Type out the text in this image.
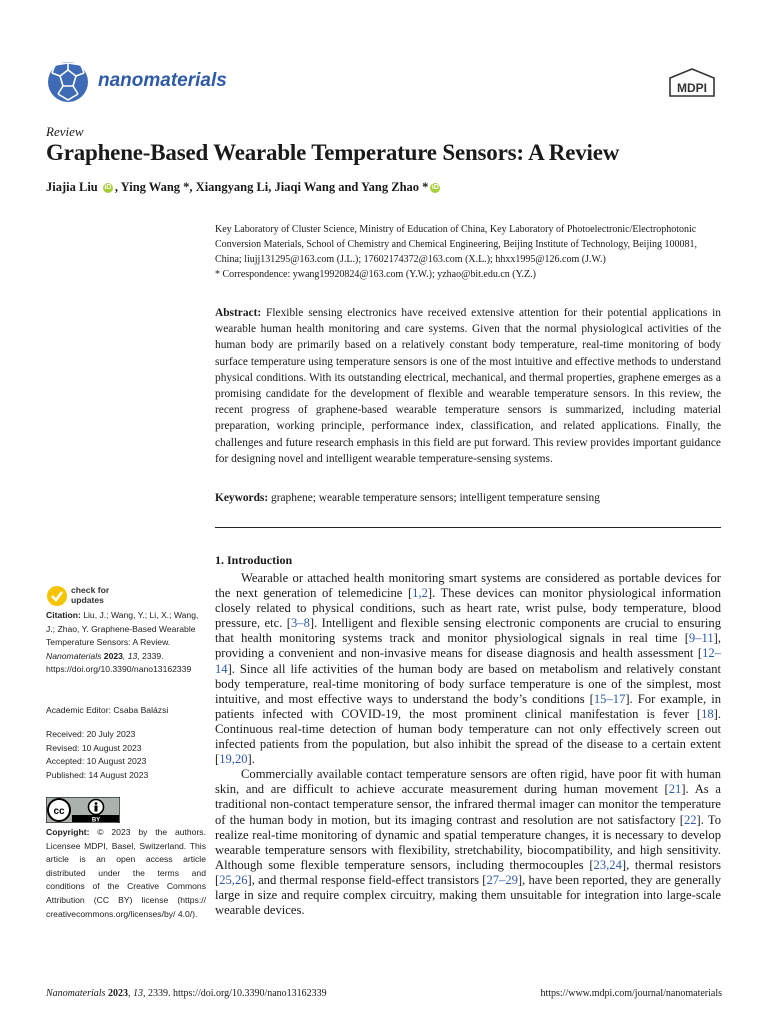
nanomaterials	MDPI
Review
Graphene-Based Wearable Temperature Sensors: A Review
Jiajia Liu iD , Ying Wang *, Xiangyang Li, Jiaqi Wang and Yang Zhao * iD
Key Laboratory of Cluster Science, Ministry of Education of China, Key Laboratory of Photoelectronic/Electrophotonic Conversion Materials, School of Chemistry and Chemical Engineering, Beijing Institute of Technology, Beijing 100081, China; liujj131295@163.com (J.L.); 17602174372@163.com (X.L.); hhxx1995@126.com (J.W.)
* Correspondence: ywang19920824@163.com (Y.W.); yzhao@bit.edu.cn (Y.Z.)
Abstract: Flexible sensing electronics have received extensive attention for their potential applications in wearable human health monitoring and care systems. Given that the normal physiological activities of the human body are primarily based on a relatively constant body temperature, real-time monitoring of body surface temperature using temperature sensors is one of the most intuitive and effective methods to understand physical conditions. With its outstanding electrical, mechanical, and thermal properties, graphene emerges as a promising candidate for the development of flexible and wearable temperature sensors. In this review, the recent progress of graphene-based wearable temperature sensors is summarized, including material preparation, working principle, performance index, classification, and related applications. Finally, the challenges and future research emphasis in this field are put forward. This review provides important guidance for designing novel and intelligent wearable temperature-sensing systems.
Keywords: graphene; wearable temperature sensors; intelligent temperature sensing
1. Introduction

Wearable or attached health monitoring smart systems are considered as portable devices for the next generation of telemedicine [1,2]. These devices can monitor physiological information closely related to physical conditions, such as heart rate, wrist pulse, body temperature, blood pressure, etc. [3–8]. Intelligent and flexible sensing electronic components are crucial to ensuring that health monitoring systems track and monitor physiological signals in real time [9–11], providing a convenient and non-invasive means for disease diagnosis and health assessment [12–14]. Since all life activities of the human body are based on metabolism and relatively constant body temperature, real-time monitoring of body surface temperature is one of the simplest, most intuitive, and most effective ways to understand the body’s conditions [15–17]. For example, in patients infected with COVID-19, the most prominent clinical manifestation is fever [18]. Continuous real-time detection of human body temperature can not only effectively screen out infected patients from the population, but also inhibit the spread of the disease to a certain extent [19,20].

Commercially available contact temperature sensors are often rigid, have poor fit with human skin, and are difficult to achieve accurate measurement during human movement [21]. As a traditional non-contact temperature sensor, the infrared thermal imager can monitor the temperature of the human body in motion, but its imaging contrast and resolution are not satisfactory [22]. To realize real-time monitoring of dynamic and spatial temperature changes, it is necessary to develop wearable temperature sensors with flexibility, stretchability, biocompatibility, and high sensitivity. Although some flexible temperature sensors, including thermocouples [23,24], thermal resistors [25,26], and thermal response field-effect transistors [27–29], have been reported, they are generally large in size and require complex circuitry, making them unsuitable for integration into large-scale wearable devices.

check for updates
Citation: Liu, J.; Wang, Y.; Li, X.; Wang, J.; Zhao, Y. Graphene-Based Wearable Temperature Sensors: A Review. Nanomaterials 2023, 13, 2339. https://doi.org/10.3390/nano13162339
Academic Editor: Csaba Balázsi
Received: 20 July 2023
Revised: 10 August 2023
Accepted: 10 August 2023
Published: 14 August 2023
cc
BY
Copyright: © 2023 by the authors. Licensee MDPI, Basel, Switzerland. This article is an open access article distributed under the terms and conditions of the Creative Commons Attribution (CC BY) license (https:// creativecommons.org/licenses/by/ 4.0/).
Nanomaterials 2023, 13, 2339. https://doi.org/10.3390/nano13162339	https://www.mdpi.com/journal/nanomaterials
